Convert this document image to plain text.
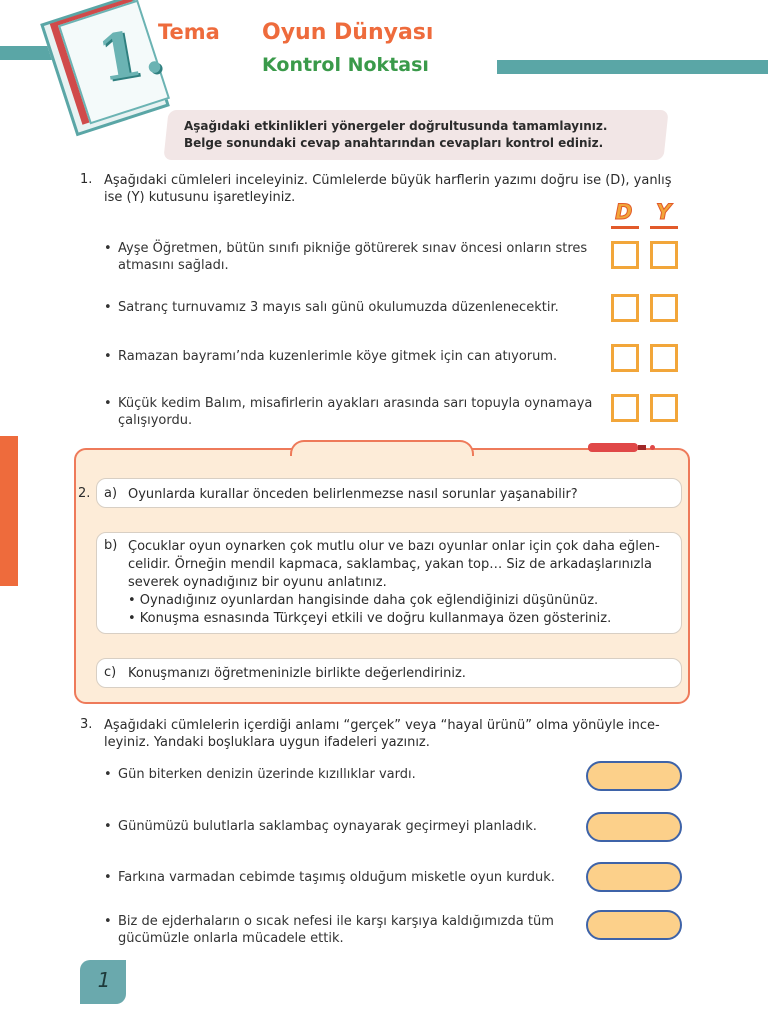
1.
Tema Oyun Dünyası
Kontrol Noktası
Aşağıdaki etkinlikleri yönergeler doğrultusunda tamamlayınız.
Belge sonundaki cevap anahtarından cevapları kontrol ediniz.
1. Aşağıdaki cümleleri inceleyiniz. Cümlelerde büyük harflerin yazımı doğru ise (D), yanlış ise (Y) kutusunu işaretleyiniz.
D Y
• Ayşe Öğretmen, bütün sınıfı pikniğe götürerek sınav öncesi onların stres atmasını sağladı.
• Satranç turnuvamız 3 mayıs salı günü okulumuzda düzenlenecektir.
• Ramazan bayramı’nda kuzenlerimle köye gitmek için can atıyorum.
• Küçük kedim Balım, misafirlerin ayakları arasında sarı topuyla oynamaya çalışıyordu.
2. a) Oyunlarda kurallar önceden belirlenmezse nasıl sorunlar yaşanabilir?
b) Çocuklar oyun oynarken çok mutlu olur ve bazı oyunlar onlar için çok daha eğlen-
celidir. Örneğin mendil kapmaca, saklambaç, yakan top… Siz de arkadaşlarınızla
severek oynadığınız bir oyunu anlatınız.
• Oynadığınız oyunlardan hangisinde daha çok eğlendiğinizi düşününüz.
• Konuşma esnasında Türkçeyi etkili ve doğru kullanmaya özen gösteriniz.
c) Konuşmanızı öğretmeninizle birlikte değerlendiriniz.
3. Aşağıdaki cümlelerin içerdiği anlamı “gerçek” veya “hayal ürünü” olma yönüyle ince-leyiniz. Yandaki boşluklara uygun ifadeleri yazınız.
• Gün biterken denizin üzerinde kızıllıklar vardı.
• Günümüzü bulutlarla saklambaç oynayarak geçirmeyi planladık.
• Farkına varmadan cebimde taşımış olduğum misketle oyun kurduk.
• Biz de ejderhaların o sıcak nefesi ile karşı karşıya kaldığımızda tüm gücümüzle onlarla mücadele ettik.
1
